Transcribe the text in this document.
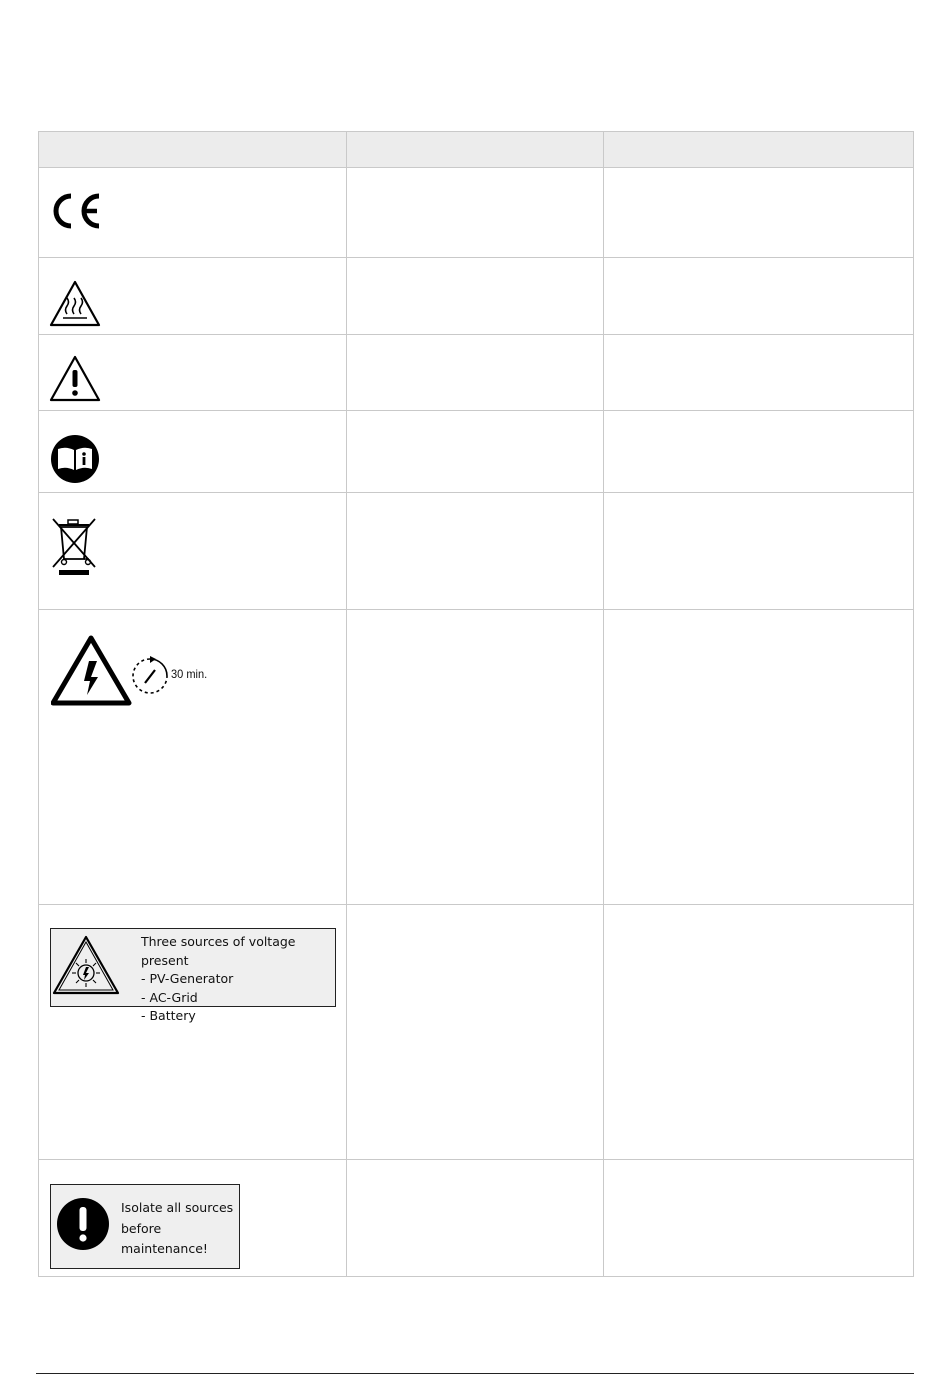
30 min.		

Three sources of voltage present
- PV-Generator
- AC-Grid
- Battery		

Isolate all sources
before
maintenance!		
